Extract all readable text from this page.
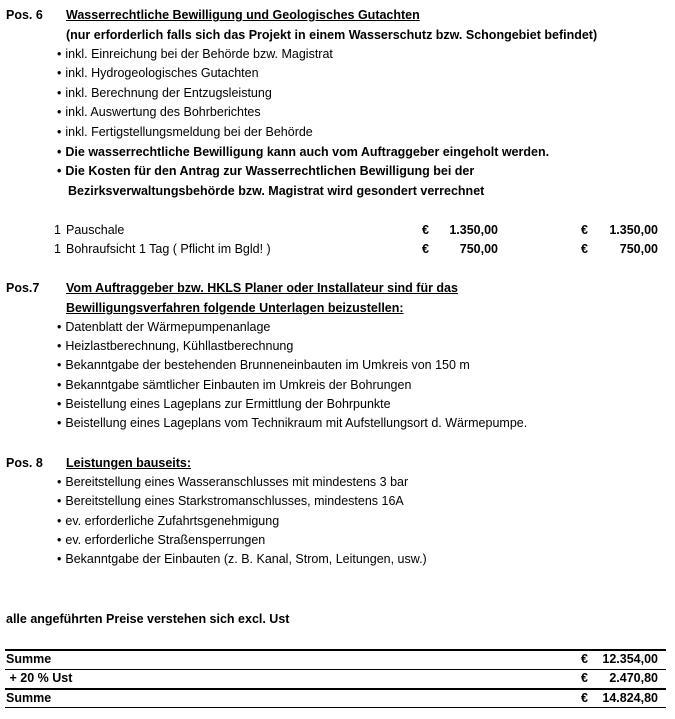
Pos. 6 Wasserrechtliche Bewilligung und Geologisches Gutachten
(nur erforderlich falls sich das Projekt in einem Wasserschutz bzw. Schongebiet befindet)
• inkl. Einreichung bei der Behörde bzw. Magistrat
• inkl. Hydrogeologisches Gutachten
• inkl. Berechnung der Entzugsleistung
• inkl. Auswertung des Bohrberichtes
• inkl. Fertigstellungsmeldung bei der Behörde
• Die wasserrechtliche Bewilligung kann auch vom Auftraggeber eingeholt werden.
• Die Kosten für den Antrag zur Wasserrechtlichen Bewilligung bei der
Bezirksverwaltungsbehörde bzw. Magistrat wird gesondert verrechnet
1 Pauschale	€	1.350,00	€	1.350,00
1 Bohraufsicht 1 Tag ( Pflicht im Bgld! )	€	750,00	€	750,00
Pos.7 Vom Auftraggeber bzw. HKLS Planer oder Installateur sind für das
Bewilligungsverfahren folgende Unterlagen beizustellen:
• Datenblatt der Wärmepumpenanlage
• Heizlastberechnung, Kühllastberechnung
• Bekanntgabe der bestehenden Brunneneinbauten im Umkreis von 150 m
• Bekanntgabe sämtlicher Einbauten im Umkreis der Bohrungen
• Beistellung eines Lageplans zur Ermittlung der Bohrpunkte
• Beistellung eines Lageplans vom Technikraum mit Aufstellungsort d. Wärmepumpe.
Pos. 8 Leistungen bauseits:
• Bereitstellung eines Wasseranschlusses mit mindestens 3 bar
• Bereitstellung eines Starkstromanschlusses, mindestens 16A
• ev. erforderliche Zufahrtsgenehmigung
• ev. erforderliche Straßensperrungen
• Bekanntgabe der Einbauten (z. B. Kanal, Strom, Leitungen, usw.)
alle angeführten Preise verstehen sich excl. Ust
Summe	€	12.354,00
+ 20 % Ust	€	2.470,80
Summe	€	14.824,80
